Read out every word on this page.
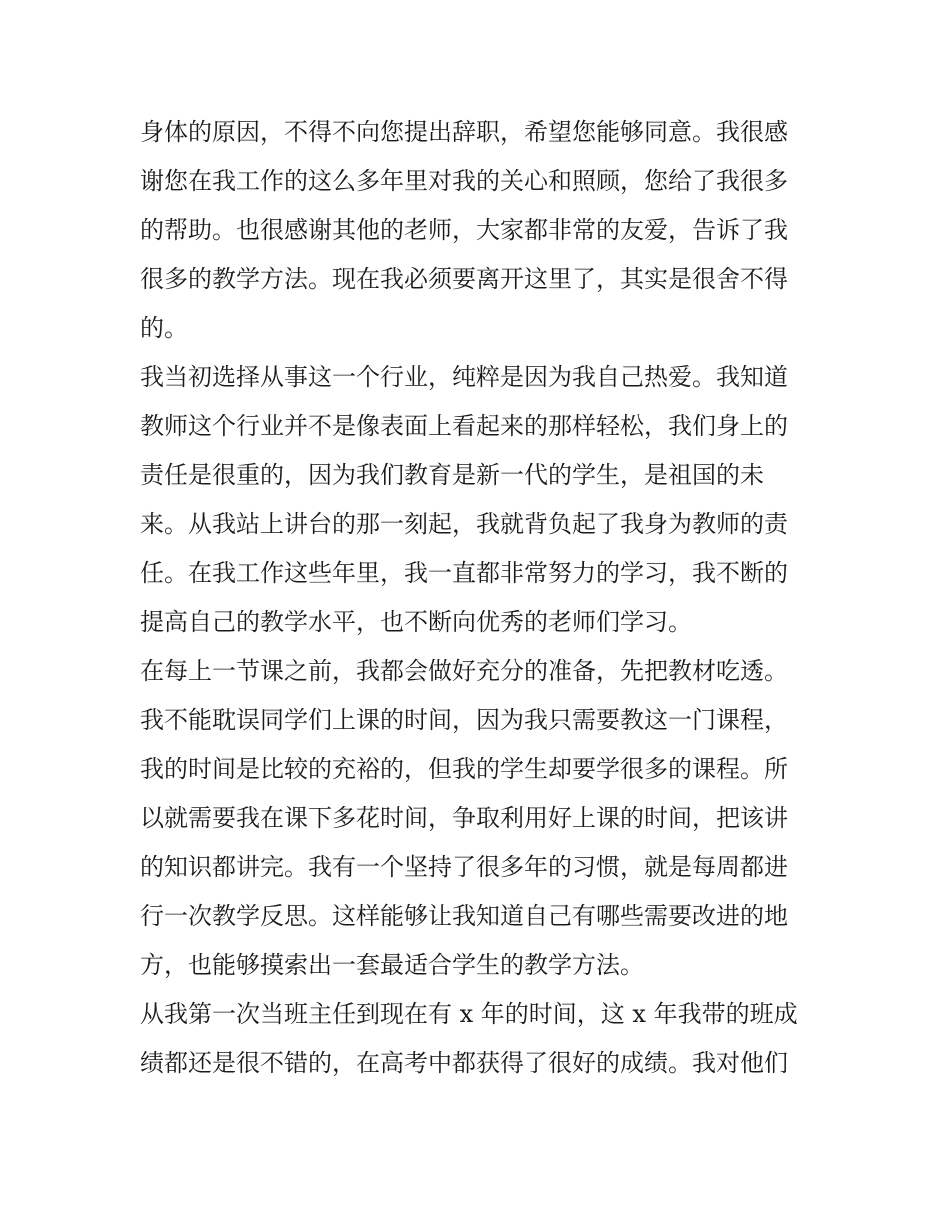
身体的原因，不得不向您提出辞职，希望您能够同意。我很感
谢您在我工作的这么多年里对我的关心和照顾，您给了我很多
的帮助。也很感谢其他的老师，大家都非常的友爱，告诉了我
很多的教学方法。现在我必须要离开这里了，其实是很舍不得
的。
我当初选择从事这一个行业，纯粹是因为我自己热爱。我知道
教师这个行业并不是像表面上看起来的那样轻松，我们身上的
责任是很重的，因为我们教育是新一代的学生，是祖国的未
来。从我站上讲台的那一刻起，我就背负起了我身为教师的责
任。在我工作这些年里，我一直都非常努力的学习，我不断的
提高自己的教学水平，也不断向优秀的老师们学习。
在每上一节课之前，我都会做好充分的准备，先把教材吃透。
我不能耽误同学们上课的时间，因为我只需要教这一门课程，
我的时间是比较的充裕的，但我的学生却要学很多的课程。所
以就需要我在课下多花时间，争取利用好上课的时间，把该讲
的知识都讲完。我有一个坚持了很多年的习惯，就是每周都进
行一次教学反思。这样能够让我知道自己有哪些需要改进的地
方，也能够摸索出一套最适合学生的教学方法。
从我第一次当班主任到现在有 x 年的时间，这 x 年我带的班成
绩都还是很不错的，在高考中都获得了很好的成绩。我对他们
